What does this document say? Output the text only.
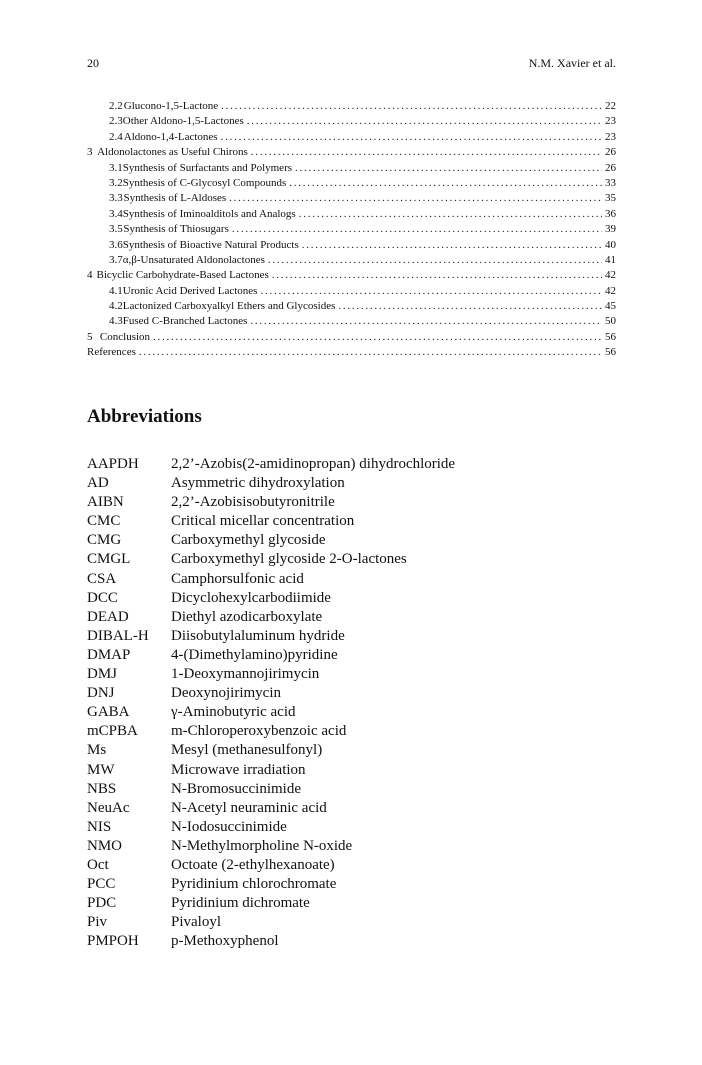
20	N.M. Xavier et al.
2.2 Glucono-1,5-Lactone . . .	22
2.3 Other Aldono-1,5-Lactones . . .	23
2.4 Aldono-1,4-Lactones . . .	23
3 Aldonolactones as Useful Chirons . . .	26
3.1 Synthesis of Surfactants and Polymers . . .	26
3.2 Synthesis of C-Glycosyl Compounds . . .	33
3.3 Synthesis of L-Aldoses . . .	35
3.4 Synthesis of Iminoalditols and Analogs . . .	36
3.5 Synthesis of Thiosugars . . .	39
3.6 Synthesis of Bioactive Natural Products . . .	40
3.7 α,β-Unsaturated Aldonolactones . . .	41
4 Bicyclic Carbohydrate-Based Lactones . . .	42
4.1 Uronic Acid Derived Lactones . . .	42
4.2 Lactonized Carboxyalkyl Ethers and Glycosides . . .	45
4.3 Fused C-Branched Lactones . . .	50
5 Conclusion . . .	56
References . . .	56
Abbreviations
AAPDH	2,2’-Azobis(2-amidinopropan) dihydrochloride
AD	Asymmetric dihydroxylation
AIBN	2,2’-Azobisisobutyronitrile
CMC	Critical micellar concentration
CMG	Carboxymethyl glycoside
CMGL	Carboxymethyl glycoside 2-O-lactones
CSA	Camphorsulfonic acid
DCC	Dicyclohexylcarbodiimide
DEAD	Diethyl azodicarboxylate
DIBAL-H	Diisobutylaluminum hydride
DMAP	4-(Dimethylamino)pyridine
DMJ	1-Deoxymannojirimycin
DNJ	Deoxynojirimycin
GABA	γ-Aminobutyric acid
mCPBA	m-Chloroperoxybenzoic acid
Ms	Mesyl (methanesulfonyl)
MW	Microwave irradiation
NBS	N-Bromosuccinimide
NeuAc	N-Acetyl neuraminic acid
NIS	N-Iodosuccinimide
NMO	N-Methylmorpholine N-oxide
Oct	Octoate (2-ethylhexanoate)
PCC	Pyridinium chlorochromate
PDC	Pyridinium dichromate
Piv	Pivaloyl
PMPOH	p-Methoxyphenol
